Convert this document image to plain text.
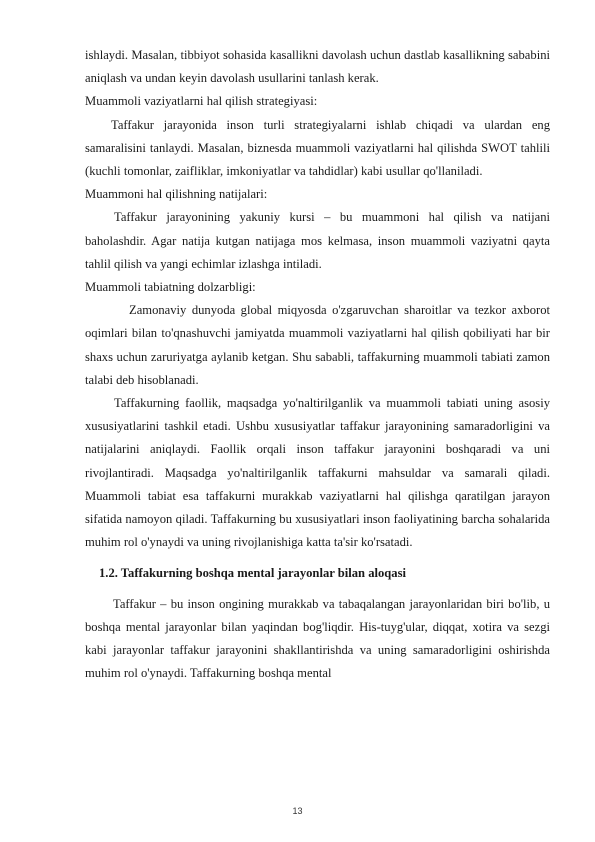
ishlaydi. Masalan, tibbiyot sohasida kasallikni davolash uchun dastlab kasallikning sababini aniqlash va undan keyin davolash usullarini tanlash kerak.

Muammoli vaziyatlarni hal qilish strategiyasi:

Taffakur jarayonida inson turli strategiyalarni ishlab chiqadi va ulardan eng samaralisini tanlaydi. Masalan, biznesda muammoli vaziyatlarni hal qilishda SWOT tahlili (kuchli tomonlar, zaifliklar, imkoniyatlar va tahdidlar) kabi usullar qo'llaniladi.

Muammoni hal qilishning natijalari:

Taffakur jarayonining yakuniy kursi – bu muammoni hal qilish va natijani baholashdir. Agar natija kutgan natijaga mos kelmasa, inson muammoli vaziyatni qayta tahlil qilish va yangi echimlar izlashga intiladi.

Muammoli tabiatning dolzarbligi:

Zamonaviy dunyoda global miqyosda o'zgaruvchan sharoitlar va tezkor axborot oqimlari bilan to'qnashuvchi jamiyatda muammoli vaziyatlarni hal qilish qobiliyati har bir shaxs uchun zaruriyatga aylanib ketgan. Shu sababli, taffakurning muammoli tabiati zamon talabi deb hisoblanadi.

Taffakurning faollik, maqsadga yo'naltirilganlik va muammoli tabiati uning asosiy xususiyatlarini tashkil etadi. Ushbu xususiyatlar taffakur jarayonining samaradorligini va natijalarini aniqlaydi. Faollik orqali inson taffakur jarayonini boshqaradi va uni rivojlantiradi. Maqsadga yo'naltirilganlik taffakurni mahsuldar va samarali qiladi. Muammoli tabiat esa taffakurni murakkab vaziyatlarni hal qilishga qaratilgan jarayon sifatida namoyon qiladi. Taffakurning bu xususiyatlari inson faoliyatining barcha sohalarida muhim rol o'ynaydi va uning rivojlanishiga katta ta'sir ko'rsatadi.

1.2. Taffakurning boshqa mental jarayonlar bilan aloqasi

Taffakur – bu inson ongining murakkab va tabaqalangan jarayonlaridan biri bo'lib, u boshqa mental jarayonlar bilan yaqindan bog'liqdir. His-tuyg'ular, diqqat, xotira va sezgi kabi jarayonlar taffakur jarayonini shakllantirishda va uning samaradorligini oshirishda muhim rol o'ynaydi. Taffakurning boshqa mental

13
